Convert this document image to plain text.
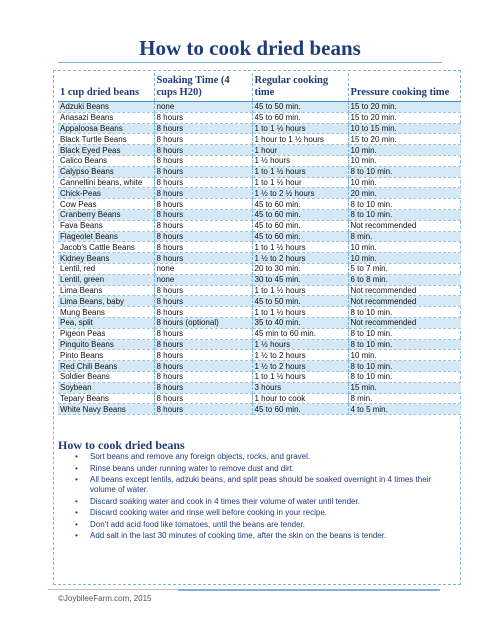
How to cook dried beans
1 cup dried beans	Soaking Time (4 cups H20)	Regular cooking time	Pressure cooking time
Adzuki Beans	none	45 to 50 min.	15 to 20 min.
Anasazi Beans	8 hours	45 to 60 min.	15 to 20 min.
Appaloosa Beans	8 hours	1 to 1 ½ hours	10 to 15 min.
Black Turtle Beans	8 hours	1 hour to 1 ½ hours	15 to 20 min.
Black Eyed Peas	8 hours	1 hour	10 min.
Calico Beans	8 hours	1 ½ hours	10 min.
Calypso Beans	8 hours	1 to 1 ½ hours	8 to 10 min.
Cannellini beans, white	8 hours	1 to 1 ½ hour	10 min.
Chick-Peas	8 hours	1 ½ to 2 ½ hours	20 min.
Cow Peas	8 hours	45 to 60 min.	8 to 10 min.
Cranberry Beans	8 hours	45 to 60 min.	8 to 10 min.
Fava Beans	8 hours	45 to 60 min.	Not recommended
Flageolet Beans	8 hours	45 to 60 min.	8 min.
Jacob's Cattle Beans	8 hours	1 to 1 ½ hours	10 min.
Kidney Beans	8 hours	1 ½ to 2 hours	10 min.
Lentil, red	none	20 to 30 min.	5 to 7 min.
Lentil, green	none	30 to 45 min.	6 to 8 min.
Lima Beans	8 hours	1 to 1 ½ hours	Not recommended
Lima Beans, baby	8 hours	45 to 50 min.	Not recommended
Mung Beans	8 hours	1 to 1 ½ hours	8 to 10 min.
Pea, split	8 hours (optional)	35 to 40 min.	Not recommended
Pigeon Peas	8 hours	45 min to 60 min.	8 to 10 min.
Pinquito Beans	8 hours	1 ½ hours	8 to 10 min.
Pinto Beans	8 hours	1 ½ to 2 hours	10 min.
Red Chili Beans	8 hours	1 ½ to 2 hours	8 to 10 min.
Soldier Beans	8 hours	1 to 1 ½ hours	8 to 10 min.
Soybean	8 hours	3 hours	15 min.
Tepary Beans	8 hours	1 hour to cook	8 min.
White Navy Beans	8 hours	45 to 60 min.	4 to 5 min.
How to cook dried beans
• Sort beans and remove any foreign objects, rocks, and gravel.
• Rinse beans under running water to remove dust and dirt.
• All beans except lentils, adzuki beans, and split peas should be soaked overnight in 4 times their volume of water.
• Discard soaking water and cook in 4 times their volume of water until tender.
• Discard cooking water and rinse well before cooking in your recipe.
• Don't add acid food like tomatoes, until the beans are tender.
• Add salt in the last 30 minutes of cooking time, after the skin on the beans is tender.
©JoybileeFarm.com, 2015
